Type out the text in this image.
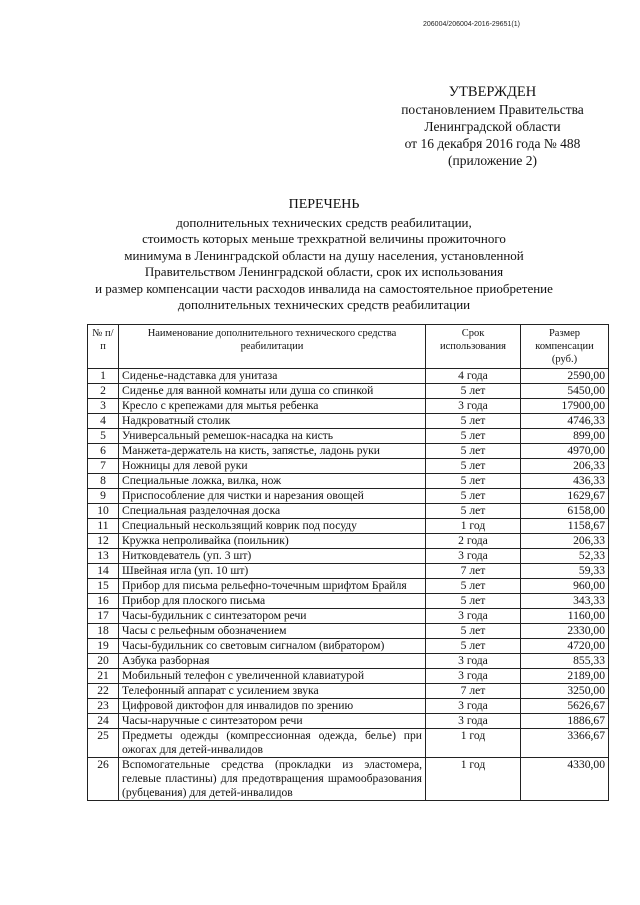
206004/206004-2016-29651(1)
УТВЕРЖДЕН
постановлением Правительства
Ленинградской области
от 16 декабря 2016 года № 488
(приложение 2)
ПЕРЕЧЕНЬ
дополнительных технических средств реабилитации,
стоимость которых меньше трехкратной величины прожиточного
минимума в Ленинградской области на душу населения, установленной
Правительством Ленинградской области, срок их использования
и размер компенсации части расходов инвалида на самостоятельное приобретение
дополнительных технических средств реабилитации
№ п/п	Наименование дополнительного технического средства реабилитации	Срок использования	Размер компенсации (руб.)
1	Сиденье-надставка для унитаза	4 года	2590,00
2	Сиденье для ванной комнаты или душа со спинкой	5 лет	5450,00
3	Кресло с крепежами для мытья ребенка	3 года	17900,00
4	Надкроватный столик	5 лет	4746,33
5	Универсальный ремешок-насадка на кисть	5 лет	899,00
6	Манжета-держатель на кисть, запястье, ладонь руки	5 лет	4970,00
7	Ножницы для левой руки	5 лет	206,33
8	Специальные ложка, вилка, нож	5 лет	436,33
9	Приспособление для чистки и нарезания овощей	5 лет	1629,67
10	Специальная разделочная доска	5 лет	6158,00
11	Специальный нескользящий коврик под посуду	1 год	1158,67
12	Кружка непроливайка (поильник)	2 года	206,33
13	Нитковдеватель (уп. 3 шт)	3 года	52,33
14	Швейная игла (уп. 10 шт)	7 лет	59,33
15	Прибор для письма рельефно-точечным шрифтом Брайля	5 лет	960,00
16	Прибор для плоского письма	5 лет	343,33
17	Часы-будильник с синтезатором речи	3 года	1160,00
18	Часы с рельефным обозначением	5 лет	2330,00
19	Часы-будильник со световым сигналом (вибратором)	5 лет	4720,00
20	Азбука разборная	3 года	855,33
21	Мобильный телефон с увеличенной клавиатурой	3 года	2189,00
22	Телефонный аппарат с усилением звука	7 лет	3250,00
23	Цифровой диктофон для инвалидов по зрению	3 года	5626,67
24	Часы-наручные с синтезатором речи	3 года	1886,67
25	Предметы одежды (компрессионная одежда, белье) при ожогах для детей-инвалидов	1 год	3366,67
26	Вспомогательные средства (прокладки из эластомера, гелевые пластины) для предотвращения шрамообразования (рубцевания) для детей-инвалидов	1 год	4330,00
